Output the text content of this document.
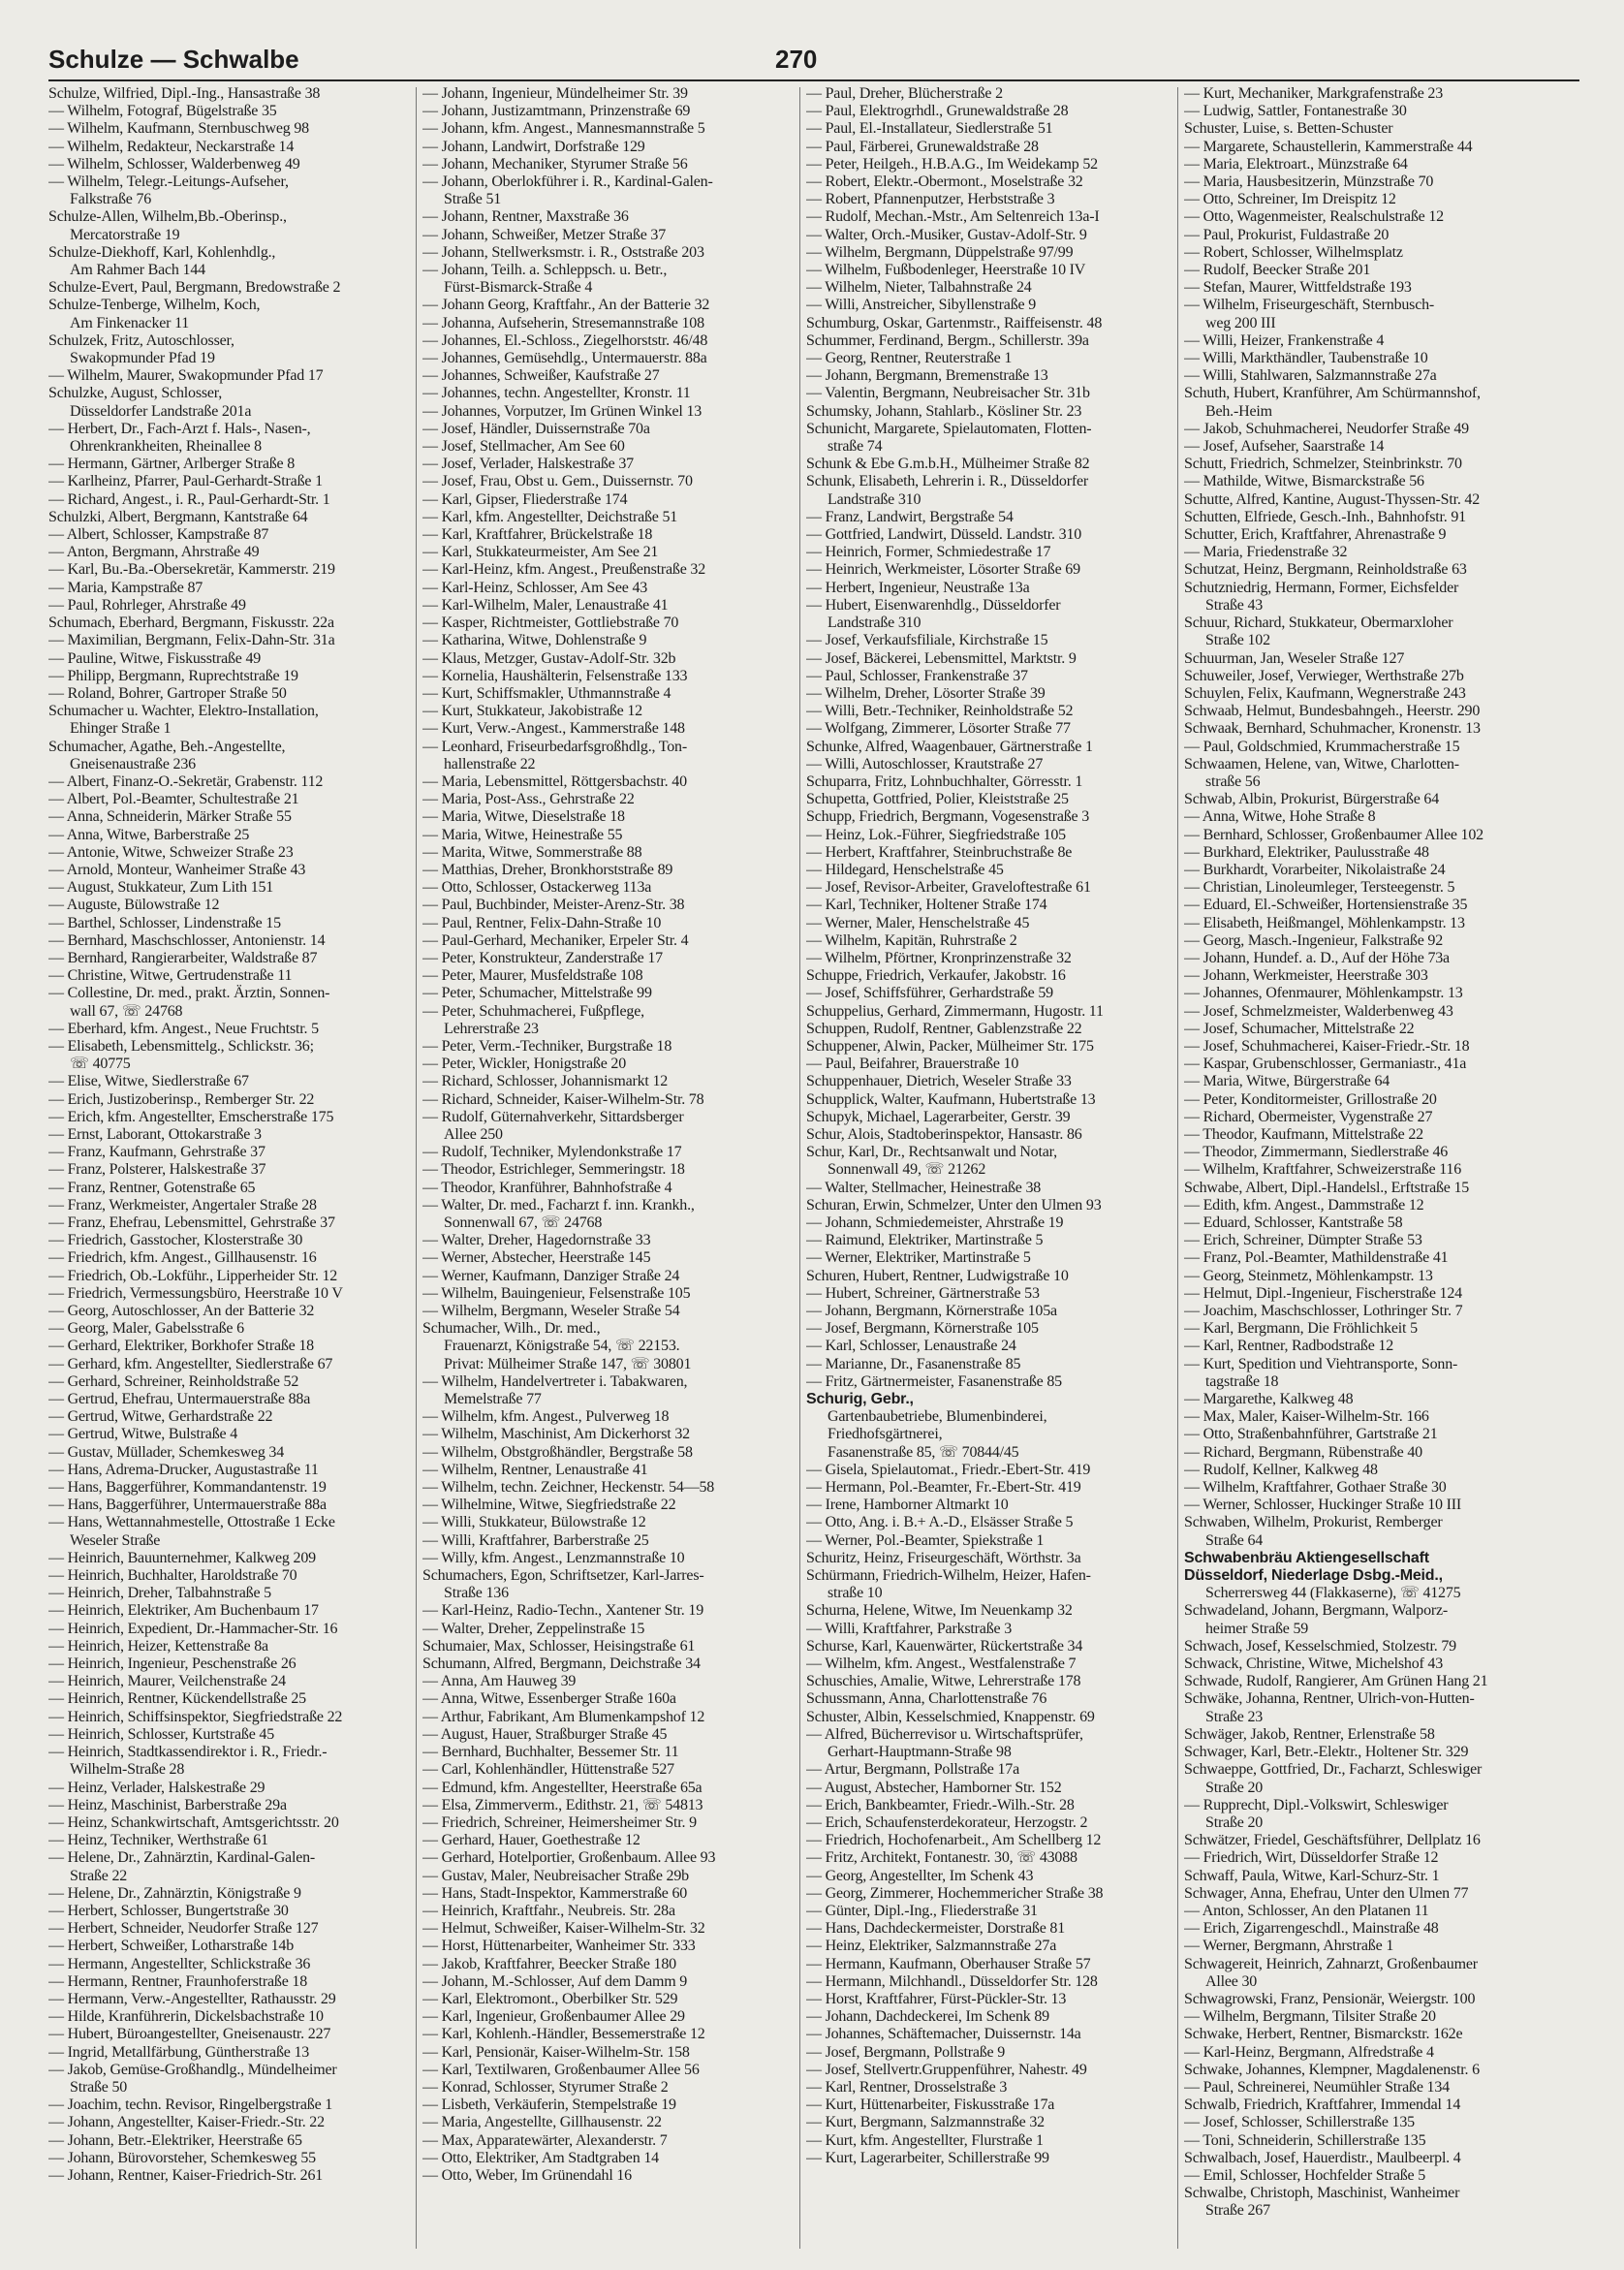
Schulze — Schwalbe	270
Schulze, Wilfried, Dipl.-Ing., Hansastraße 38
— Wilhelm, Fotograf, Bügelstraße 35
— Wilhelm, Kaufmann, Sternbuschweg 98
— Wilhelm, Redakteur, Neckarstraße 14
— Wilhelm, Schlosser, Walderbenweg 49
— Wilhelm, Telegr.-Leitungs-Aufseher,
Falkstraße 76
Schulze-Allen, Wilhelm,Bb.-Oberinsp.,
Mercatorstraße 19
Schulze-Diekhoff, Karl, Kohlenhdlg.,
Am Rahmer Bach 144
Schulze-Evert, Paul, Bergmann, Bredowstraße 2
Schulze-Tenberge, Wilhelm, Koch,
Am Finkenacker 11
Schulzek, Fritz, Autoschlosser,
Swakopmunder Pfad 19
— Wilhelm, Maurer, Swakopmunder Pfad 17
Schulzke, August, Schlosser,
Düsseldorfer Landstraße 201a
— Herbert, Dr., Fach-Arzt f. Hals-, Nasen-,
Ohrenkrankheiten, Rheinallee 8
— Hermann, Gärtner, Arlberger Straße 8
— Karlheinz, Pfarrer, Paul-Gerhardt-Straße 1
— Richard, Angest., i. R., Paul-Gerhardt-Str. 1
Schulzki, Albert, Bergmann, Kantstraße 64
— Albert, Schlosser, Kampstraße 87
— Anton, Bergmann, Ahrstraße 49
— Karl, Bu.-Ba.-Obersekretär, Kammerstr. 219
— Maria, Kampstraße 87
— Paul, Rohrleger, Ahrstraße 49
Schumach, Eberhard, Bergmann, Fiskusstr. 22a
— Maximilian, Bergmann, Felix-Dahn-Str. 31a
— Pauline, Witwe, Fiskusstraße 49
— Philipp, Bergmann, Ruprechtstraße 19
— Roland, Bohrer, Gartroper Straße 50
Schumacher u. Wachter, Elektro-Installation,
Ehinger Straße 1
Schumacher, Agathe, Beh.-Angestellte,
Gneisenaustraße 236
— Albert, Finanz-O.-Sekretär, Grabenstr. 112
— Albert, Pol.-Beamter, Schultestraße 21
— Anna, Schneiderin, Märker Straße 55
— Anna, Witwe, Barberstraße 25
— Antonie, Witwe, Schweizer Straße 23
— Arnold, Monteur, Wanheimer Straße 43
— August, Stukkateur, Zum Lith 151
— Auguste, Bülowstraße 12
— Barthel, Schlosser, Lindenstraße 15
— Bernhard, Maschschlosser, Antonienstr. 14
— Bernhard, Rangierarbeiter, Waldstraße 87
— Christine, Witwe, Gertrudenstraße 11
— Collestine, Dr. med., prakt. Ärztin, Sonnen-
wall 67, ☏ 24768
— Eberhard, kfm. Angest., Neue Fruchtstr. 5
— Elisabeth, Lebensmittelg., Schlickstr. 36;
☏ 40775
— Elise, Witwe, Siedlerstraße 67
— Erich, Justizoberinsp., Remberger Str. 22
— Erich, kfm. Angestellter, Emscherstraße 175
— Ernst, Laborant, Ottokarstraße 3
— Franz, Kaufmann, Gehrstraße 37
— Franz, Polsterer, Halskestraße 37
— Franz, Rentner, Gotenstraße 65
— Franz, Werkmeister, Angertaler Straße 28
— Franz, Ehefrau, Lebensmittel, Gehrstraße 37
— Friedrich, Gasstocher, Klosterstraße 30
— Friedrich, kfm. Angest., Gillhausenstr. 16
— Friedrich, Ob.-Lokführ., Lipperheider Str. 12
— Friedrich, Vermessungsbüro, Heerstraße 10 V
— Georg, Autoschlosser, An der Batterie 32
— Georg, Maler, Gabelsstraße 6
— Gerhard, Elektriker, Borkhofer Straße 18
— Gerhard, kfm. Angestellter, Siedlerstraße 67
— Gerhard, Schreiner, Reinholdstraße 52
— Gertrud, Ehefrau, Untermauerstraße 88a
— Gertrud, Witwe, Gerhardstraße 22
— Gertrud, Witwe, Bulstraße 4
— Gustav, Müllader, Schemkesweg 34
— Hans, Adrema-Drucker, Augustastraße 11
— Hans, Baggerführer, Kommandantenstr. 19
— Hans, Baggerführer, Untermauerstraße 88a
— Hans, Wettannahmestelle, Ottostraße 1 Ecke
Weseler Straße
— Heinrich, Bauunternehmer, Kalkweg 209
— Heinrich, Buchhalter, Haroldstraße 70
— Heinrich, Dreher, Talbahnstraße 5
— Heinrich, Elektriker, Am Buchenbaum 17
— Heinrich, Expedient, Dr.-Hammacher-Str. 16
— Heinrich, Heizer, Kettenstraße 8a
— Heinrich, Ingenieur, Peschenstraße 26
— Heinrich, Maurer, Veilchenstraße 24
— Heinrich, Rentner, Kückendellstraße 25
— Heinrich, Schiffsinspektor, Siegfriedstraße 22
— Heinrich, Schlosser, Kurtstraße 45
— Heinrich, Stadtkassendirektor i. R., Friedr.-
Wilhelm-Straße 28
— Heinz, Verlader, Halskestraße 29
— Heinz, Maschinist, Barberstraße 29a
— Heinz, Schankwirtschaft, Amtsgerichtsstr. 20
— Heinz, Techniker, Werthstraße 61
— Helene, Dr., Zahnärztin, Kardinal-Galen-
Straße 22
— Helene, Dr., Zahnärztin, Königstraße 9
— Herbert, Schlosser, Bungertstraße 30
— Herbert, Schneider, Neudorfer Straße 127
— Herbert, Schweißer, Lotharstraße 14b
— Hermann, Angestellter, Schlickstraße 36
— Hermann, Rentner, Fraunhoferstraße 18
— Hermann, Verw.-Angestellter, Rathausstr. 29
— Hilde, Kranführerin, Dickelsbachstraße 10
— Hubert, Büroangestellter, Gneisenaustr. 227
— Ingrid, Metallfärbung, Güntherstraße 13
— Jakob, Gemüse-Großhandlg., Mündelheimer
Straße 50
— Joachim, techn. Revisor, Ringelbergstraße 1
— Johann, Angestellter, Kaiser-Friedr.-Str. 22
— Johann, Betr.-Elektriker, Heerstraße 65
— Johann, Bürovorsteher, Schemkesweg 55
— Johann, Rentner, Kaiser-Friedrich-Str. 261
— Johann, Ingenieur, Mündelheimer Str. 39
— Johann, Justizamtmann, Prinzenstraße 69
— Johann, kfm. Angest., Mannesmannstraße 5
— Johann, Landwirt, Dorfstraße 129
— Johann, Mechaniker, Styrumer Straße 56
— Johann, Oberlokführer i. R., Kardinal-Galen-
Straße 51
— Johann, Rentner, Maxstraße 36
— Johann, Schweißer, Metzer Straße 37
— Johann, Stellwerksmstr. i. R., Oststraße 203
— Johann, Teilh. a. Schleppsch. u. Betr.,
Fürst-Bismarck-Straße 4
— Johann Georg, Kraftfahr., An der Batterie 32
— Johanna, Aufseherin, Stresemannstraße 108
— Johannes, El.-Schloss., Ziegelhorststr. 46/48
— Johannes, Gemüsehdlg., Untermauerstr. 88a
— Johannes, Schweißer, Kaufstraße 27
— Johannes, techn. Angestellter, Kronstr. 11
— Johannes, Vorputzer, Im Grünen Winkel 13
— Josef, Händler, Duissernstraße 70a
— Josef, Stellmacher, Am See 60
— Josef, Verlader, Halskestraße 37
— Josef, Frau, Obst u. Gem., Duissernstr. 70
— Karl, Gipser, Fliederstraße 174
— Karl, kfm. Angestellter, Deichstraße 51
— Karl, Kraftfahrer, Brückelstraße 18
— Karl, Stukkateurmeister, Am See 21
— Karl-Heinz, kfm. Angest., Preußenstraße 32
— Karl-Heinz, Schlosser, Am See 43
— Karl-Wilhelm, Maler, Lenaustraße 41
— Kasper, Richtmeister, Gottliebstraße 70
— Katharina, Witwe, Dohlenstraße 9
— Klaus, Metzger, Gustav-Adolf-Str. 32b
— Kornelia, Haushälterin, Felsenstraße 133
— Kurt, Schiffsmakler, Uthmannstraße 4
— Kurt, Stukkateur, Jakobistraße 12
— Kurt, Verw.-Angest., Kammerstraße 148
— Leonhard, Friseurbedarfsgroßhdlg., Ton-
hallenstraße 22
— Maria, Lebensmittel, Röttgersbachstr. 40
— Maria, Post-Ass., Gehrstraße 22
— Maria, Witwe, Dieselstraße 18
— Maria, Witwe, Heinestraße 55
— Marita, Witwe, Sommerstraße 88
— Matthias, Dreher, Bronkhorststraße 89
— Otto, Schlosser, Ostackerweg 113a
— Paul, Buchbinder, Meister-Arenz-Str. 38
— Paul, Rentner, Felix-Dahn-Straße 10
— Paul-Gerhard, Mechaniker, Erpeler Str. 4
— Peter, Konstrukteur, Zanderstraße 17
— Peter, Maurer, Musfeldstraße 108
— Peter, Schumacher, Mittelstraße 99
— Peter, Schuhmacherei, Fußpflege,
Lehrerstraße 23
— Peter, Verm.-Techniker, Burgstraße 18
— Peter, Wickler, Honigstraße 20
— Richard, Schlosser, Johannismarkt 12
— Richard, Schneider, Kaiser-Wilhelm-Str. 78
— Rudolf, Güternahverkehr, Sittardsberger
Allee 250
— Rudolf, Techniker, Mylendonkstraße 17
— Theodor, Estrichleger, Semmeringstr. 18
— Theodor, Kranführer, Bahnhofstraße 4
— Walter, Dr. med., Facharzt f. inn. Krankh.,
Sonnenwall 67, ☏ 24768
— Walter, Dreher, Hagedornstraße 33
— Werner, Abstecher, Heerstraße 145
— Werner, Kaufmann, Danziger Straße 24
— Wilhelm, Bauingenieur, Felsenstraße 105
— Wilhelm, Bergmann, Weseler Straße 54
Schumacher, Wilh., Dr. med.,
Frauenarzt, Königstraße 54, ☏ 22153.
Privat: Mülheimer Straße 147, ☏ 30801
— Wilhelm, Handelvertreter i. Tabakwaren,
Memelstraße 77
— Wilhelm, kfm. Angest., Pulverweg 18
— Wilhelm, Maschinist, Am Dickerhorst 32
— Wilhelm, Obstgroßhändler, Bergstraße 58
— Wilhelm, Rentner, Lenaustraße 41
— Wilhelm, techn. Zeichner, Heckenstr. 54—58
— Wilhelmine, Witwe, Siegfriedstraße 22
— Willi, Stukkateur, Bülowstraße 12
— Willi, Kraftfahrer, Barberstraße 25
— Willy, kfm. Angest., Lenzmannstraße 10
Schumachers, Egon, Schriftsetzer, Karl-Jarres-
Straße 136
— Karl-Heinz, Radio-Techn., Xantener Str. 19
— Walter, Dreher, Zeppelinstraße 15
Schumaier, Max, Schlosser, Heisingstraße 61
Schumann, Alfred, Bergmann, Deichstraße 34
— Anna, Am Hauweg 39
— Anna, Witwe, Essenberger Straße 160a
— Arthur, Fabrikant, Am Blumenkampshof 12
— August, Hauer, Straßburger Straße 45
— Bernhard, Buchhalter, Bessemer Str. 11
— Carl, Kohlenhändler, Hüttenstraße 527
— Edmund, kfm. Angestellter, Heerstraße 65a
— Elsa, Zimmerverm., Edithstr. 21, ☏ 54813
— Friedrich, Schreiner, Heimersheimer Str. 9
— Gerhard, Hauer, Goethestraße 12
— Gerhard, Hotelportier, Großenbaum. Allee 93
— Gustav, Maler, Neubreisacher Straße 29b
— Hans, Stadt-Inspektor, Kammerstraße 60
— Heinrich, Kraftfahr., Neubreis. Str. 28a
— Helmut, Schweißer, Kaiser-Wilhelm-Str. 32
— Horst, Hüttenarbeiter, Wanheimer Str. 333
— Jakob, Kraftfahrer, Beecker Straße 180
— Johann, M.-Schlosser, Auf dem Damm 9
— Karl, Elektromont., Oberbilker Str. 529
— Karl, Ingenieur, Großenbaumer Allee 29
— Karl, Kohlenh.-Händler, Bessemerstraße 12
— Karl, Pensionär, Kaiser-Wilhelm-Str. 158
— Karl, Textilwaren, Großenbaumer Allee 56
— Konrad, Schlosser, Styrumer Straße 2
— Lisbeth, Verkäuferin, Stempelstraße 19
— Maria, Angestellte, Gillhausenstr. 22
— Max, Apparatewärter, Alexanderstr. 7
— Otto, Elektriker, Am Stadtgraben 14
— Otto, Weber, Im Grünendahl 16
— Paul, Dreher, Blücherstraße 2
— Paul, Elektrogrhdl., Grunewaldstraße 28
— Paul, El.-Installateur, Siedlerstraße 51
— Paul, Färberei, Grunewaldstraße 28
— Peter, Heilgeh., H.B.A.G., Im Weidekamp 52
— Robert, Elektr.-Obermont., Moselstraße 32
— Robert, Pfannenputzer, Herbststraße 3
— Rudolf, Mechan.-Mstr., Am Seltenreich 13a-I
— Walter, Orch.-Musiker, Gustav-Adolf-Str. 9
— Wilhelm, Bergmann, Düppelstraße 97/99
— Wilhelm, Fußbodenleger, Heerstraße 10 IV
— Wilhelm, Nieter, Talbahnstraße 24
— Willi, Anstreicher, Sibyllenstraße 9
Schumburg, Oskar, Gartenmstr., Raiffeisenstr. 48
Schummer, Ferdinand, Bergm., Schillerstr. 39a
— Georg, Rentner, Reuterstraße 1
— Johann, Bergmann, Bremenstraße 13
— Valentin, Bergmann, Neubreisacher Str. 31b
Schumsky, Johann, Stahlarb., Kösliner Str. 23
Schunicht, Margarete, Spielautomaten, Flotten-
straße 74
Schunk & Ebe G.m.b.H., Mülheimer Straße 82
Schunk, Elisabeth, Lehrerin i. R., Düsseldorfer
Landstraße 310
— Franz, Landwirt, Bergstraße 54
— Gottfried, Landwirt, Düsseld. Landstr. 310
— Heinrich, Former, Schmiedestraße 17
— Heinrich, Werkmeister, Lösorter Straße 69
— Herbert, Ingenieur, Neustraße 13a
— Hubert, Eisenwarenhdlg., Düsseldorfer
Landstraße 310
— Josef, Verkaufsfiliale, Kirchstraße 15
— Josef, Bäckerei, Lebensmittel, Marktstr. 9
— Paul, Schlosser, Frankenstraße 37
— Wilhelm, Dreher, Lösorter Straße 39
— Willi, Betr.-Techniker, Reinholdstraße 52
— Wolfgang, Zimmerer, Lösorter Straße 77
Schunke, Alfred, Waagenbauer, Gärtnerstraße 1
— Willi, Autoschlosser, Krautstraße 27
Schuparra, Fritz, Lohnbuchhalter, Görresstr. 1
Schupetta, Gottfried, Polier, Kleiststraße 25
Schupp, Friedrich, Bergmann, Vogesenstraße 3
— Heinz, Lok.-Führer, Siegfriedstraße 105
— Herbert, Kraftfahrer, Steinbruchstraße 8e
— Hildegard, Henschelstraße 45
— Josef, Revisor-Arbeiter, Graveloftestraße 61
— Karl, Techniker, Holtener Straße 174
— Werner, Maler, Henschelstraße 45
— Wilhelm, Kapitän, Ruhrstraße 2
— Wilhelm, Pförtner, Kronprinzenstraße 32
Schuppe, Friedrich, Verkaufer, Jakobstr. 16
— Josef, Schiffsführer, Gerhardstraße 59
Schuppelius, Gerhard, Zimmermann, Hugostr. 11
Schuppen, Rudolf, Rentner, Gablenzstraße 22
Schuppener, Alwin, Packer, Mülheimer Str. 175
— Paul, Beifahrer, Brauerstraße 10
Schuppenhauer, Dietrich, Weseler Straße 33
Schupplick, Walter, Kaufmann, Hubertstraße 13
Schupyk, Michael, Lagerarbeiter, Gerstr. 39
Schur, Alois, Stadtoberinspektor, Hansastr. 86
Schur, Karl, Dr., Rechtsanwalt und Notar,
Sonnenwall 49, ☏ 21262
— Walter, Stellmacher, Heinestraße 38
Schuran, Erwin, Schmelzer, Unter den Ulmen 93
— Johann, Schmiedemeister, Ahrstraße 19
— Raimund, Elektriker, Martinstraße 5
— Werner, Elektriker, Martinstraße 5
Schuren, Hubert, Rentner, Ludwigstraße 10
— Hubert, Schreiner, Gärtnerstraße 53
— Johann, Bergmann, Körnerstraße 105a
— Josef, Bergmann, Körnerstraße 105
— Karl, Schlosser, Lenaustraße 24
— Marianne, Dr., Fasanenstraße 85
— Fritz, Gärtnermeister, Fasanenstraße 85
Schurig, Gebr.,
Gartenbaubetriebe, Blumenbinderei,
Friedhofsgärtnerei,
Fasanenstraße 85, ☏ 70844/45
— Gisela, Spielautomat., Friedr.-Ebert-Str. 419
— Hermann, Pol.-Beamter, Fr.-Ebert-Str. 419
— Irene, Hamborner Altmarkt 10
— Otto, Ang. i. B.+ A.-D., Elsässer Straße 5
— Werner, Pol.-Beamter, Spiekstraße 1
Schuritz, Heinz, Friseurgeschäft, Wörthstr. 3a
Schürmann, Friedrich-Wilhelm, Heizer, Hafen-
straße 10
Schurna, Helene, Witwe, Im Neuenkamp 32
— Willi, Kraftfahrer, Parkstraße 3
Schurse, Karl, Kauenwärter, Rückertstraße 34
— Wilhelm, kfm. Angest., Westfalenstraße 7
Schuschies, Amalie, Witwe, Lehrerstraße 178
Schussmann, Anna, Charlottenstraße 76
Schuster, Albin, Kesselschmied, Knappenstr. 69
— Alfred, Bücherrevisor u. Wirtschaftsprüfer,
Gerhart-Hauptmann-Straße 98
— Artur, Bergmann, Pollstraße 17a
— August, Abstecher, Hamborner Str. 152
— Erich, Bankbeamter, Friedr.-Wilh.-Str. 28
— Erich, Schaufensterdekorateur, Herzogstr. 2
— Friedrich, Hochofenarbeit., Am Schellberg 12
— Fritz, Architekt, Fontanestr. 30, ☏ 43088
— Georg, Angestellter, Im Schenk 43
— Georg, Zimmerer, Hochemmericher Straße 38
— Günter, Dipl.-Ing., Fliederstraße 31
— Hans, Dachdeckermeister, Dorstraße 81
— Heinz, Elektriker, Salzmannstraße 27a
— Hermann, Kaufmann, Oberhauser Straße 57
— Hermann, Milchhandl., Düsseldorfer Str. 128
— Horst, Kraftfahrer, Fürst-Pückler-Str. 13
— Johann, Dachdeckerei, Im Schenk 89
— Johannes, Schäftemacher, Duissernstr. 14a
— Josef, Bergmann, Pollstraße 9
— Josef, Stellvertr.Gruppenführer, Nahestr. 49
— Karl, Rentner, Drosselstraße 3
— Kurt, Hüttenarbeiter, Fiskusstraße 17a
— Kurt, Bergmann, Salzmannstraße 32
— Kurt, kfm. Angestellter, Flurstraße 1
— Kurt, Lagerarbeiter, Schillerstraße 99
— Kurt, Mechaniker, Markgrafenstraße 23
— Ludwig, Sattler, Fontanestraße 30
Schuster, Luise, s. Betten-Schuster
— Margarete, Schaustellerin, Kammerstraße 44
— Maria, Elektroart., Münzstraße 64
— Maria, Hausbesitzerin, Münzstraße 70
— Otto, Schreiner, Im Dreispitz 12
— Otto, Wagenmeister, Realschulstraße 12
— Paul, Prokurist, Fuldastraße 20
— Robert, Schlosser, Wilhelmsplatz
— Rudolf, Beecker Straße 201
— Stefan, Maurer, Wittfeldstraße 193
— Wilhelm, Friseurgeschäft, Sternbusch-
weg 200 III
— Willi, Heizer, Frankenstraße 4
— Willi, Markthändler, Taubenstraße 10
— Willi, Stahlwaren, Salzmannstraße 27a
Schuth, Hubert, Kranführer, Am Schürmannshof,
Beh.-Heim
— Jakob, Schuhmacherei, Neudorfer Straße 49
— Josef, Aufseher, Saarstraße 14
Schutt, Friedrich, Schmelzer, Steinbrinkstr. 70
— Mathilde, Witwe, Bismarckstraße 56
Schutte, Alfred, Kantine, August-Thyssen-Str. 42
Schutten, Elfriede, Gesch.-Inh., Bahnhofstr. 91
Schutter, Erich, Kraftfahrer, Ahrenastraße 9
— Maria, Friedenstraße 32
Schutzat, Heinz, Bergmann, Reinholdstraße 63
Schutzniedrig, Hermann, Former, Eichsfelder
Straße 43
Schuur, Richard, Stukkateur, Obermarxloher
Straße 102
Schuurman, Jan, Weseler Straße 127
Schuweiler, Josef, Verwieger, Werthstraße 27b
Schuylen, Felix, Kaufmann, Wegnerstraße 243
Schwaab, Helmut, Bundesbahngeh., Heerstr. 290
Schwaak, Bernhard, Schuhmacher, Kronenstr. 13
— Paul, Goldschmied, Krummacherstraße 15
Schwaamen, Helene, van, Witwe, Charlotten-
straße 56
Schwab, Albin, Prokurist, Bürgerstraße 64
— Anna, Witwe, Hohe Straße 8
— Bernhard, Schlosser, Großenbaumer Allee 102
— Burkhard, Elektriker, Paulusstraße 48
— Burkhardt, Vorarbeiter, Nikolaistraße 24
— Christian, Linoleumleger, Tersteegenstr. 5
— Eduard, El.-Schweißer, Hortensienstraße 35
— Elisabeth, Heißmangel, Möhlenkampstr. 13
— Georg, Masch.-Ingenieur, Falkstraße 92
— Johann, Hundef. a. D., Auf der Höhe 73a
— Johann, Werkmeister, Heerstraße 303
— Johannes, Ofenmaurer, Möhlenkampstr. 13
— Josef, Schmelzmeister, Walderbenweg 43
— Josef, Schumacher, Mittelstraße 22
— Josef, Schuhmacherei, Kaiser-Friedr.-Str. 18
— Kaspar, Grubenschlosser, Germaniastr., 41a
— Maria, Witwe, Bürgerstraße 64
— Peter, Konditormeister, Grillostraße 20
— Richard, Obermeister, Vygenstraße 27
— Theodor, Kaufmann, Mittelstraße 22
— Theodor, Zimmermann, Siedlerstraße 46
— Wilhelm, Kraftfahrer, Schweizerstraße 116
Schwabe, Albert, Dipl.-Handelsl., Erftstraße 15
— Edith, kfm. Angest., Dammstraße 12
— Eduard, Schlosser, Kantstraße 58
— Erich, Schreiner, Dümpter Straße 53
— Franz, Pol.-Beamter, Mathildenstraße 41
— Georg, Steinmetz, Möhlenkampstr. 13
— Helmut, Dipl.-Ingenieur, Fischerstraße 124
— Joachim, Maschschlosser, Lothringer Str. 7
— Karl, Bergmann, Die Fröhlichkeit 5
— Karl, Rentner, Radbodstraße 12
— Kurt, Spedition und Viehtransporte, Sonn-
tagstraße 18
— Margarethe, Kalkweg 48
— Max, Maler, Kaiser-Wilhelm-Str. 166
— Otto, Straßenbahnführer, Gartstraße 21
— Richard, Bergmann, Rübenstraße 40
— Rudolf, Kellner, Kalkweg 48
— Wilhelm, Kraftfahrer, Gothaer Straße 30
— Werner, Schlosser, Huckinger Straße 10 III
Schwaben, Wilhelm, Prokurist, Remberger
Straße 64
Schwabenbräu Aktiengesellschaft
Düsseldorf, Niederlage Dsbg.-Meid.,
Scherrersweg 44 (Flakkaserne), ☏ 41275
Schwadeland, Johann, Bergmann, Walporz-
heimer Straße 59
Schwach, Josef, Kesselschmied, Stolzestr. 79
Schwack, Christine, Witwe, Michelshof 43
Schwade, Rudolf, Rangierer, Am Grünen Hang 21
Schwäke, Johanna, Rentner, Ulrich-von-Hutten-
Straße 23
Schwäger, Jakob, Rentner, Erlenstraße 58
Schwager, Karl, Betr.-Elektr., Holtener Str. 329
Schwaeppe, Gottfried, Dr., Facharzt, Schleswiger
Straße 20
— Rupprecht, Dipl.-Volkswirt, Schleswiger
Straße 20
Schwätzer, Friedel, Geschäftsführer, Dellplatz 16
— Friedrich, Wirt, Düsseldorfer Straße 12
Schwaff, Paula, Witwe, Karl-Schurz-Str. 1
Schwager, Anna, Ehefrau, Unter den Ulmen 77
— Anton, Schlosser, An den Platanen 11
— Erich, Zigarrengeschdl., Mainstraße 48
— Werner, Bergmann, Ahrstraße 1
Schwagereit, Heinrich, Zahnarzt, Großenbaumer
Allee 30
Schwagrowski, Franz, Pensionär, Weiergstr. 100
— Wilhelm, Bergmann, Tilsiter Straße 20
Schwake, Herbert, Rentner, Bismarckstr. 162e
— Karl-Heinz, Bergmann, Alfredstraße 4
Schwake, Johannes, Klempner, Magdalenenstr. 6
— Paul, Schreinerei, Neumühler Straße 134
Schwalb, Friedrich, Kraftfahrer, Immendal 14
— Josef, Schlosser, Schillerstraße 135
— Toni, Schneiderin, Schillerstraße 135
Schwalbach, Josef, Hauerdistr., Maulbeerpl. 4
— Emil, Schlosser, Hochfelder Straße 5
Schwalbe, Christoph, Maschinist, Wanheimer
Straße 267
